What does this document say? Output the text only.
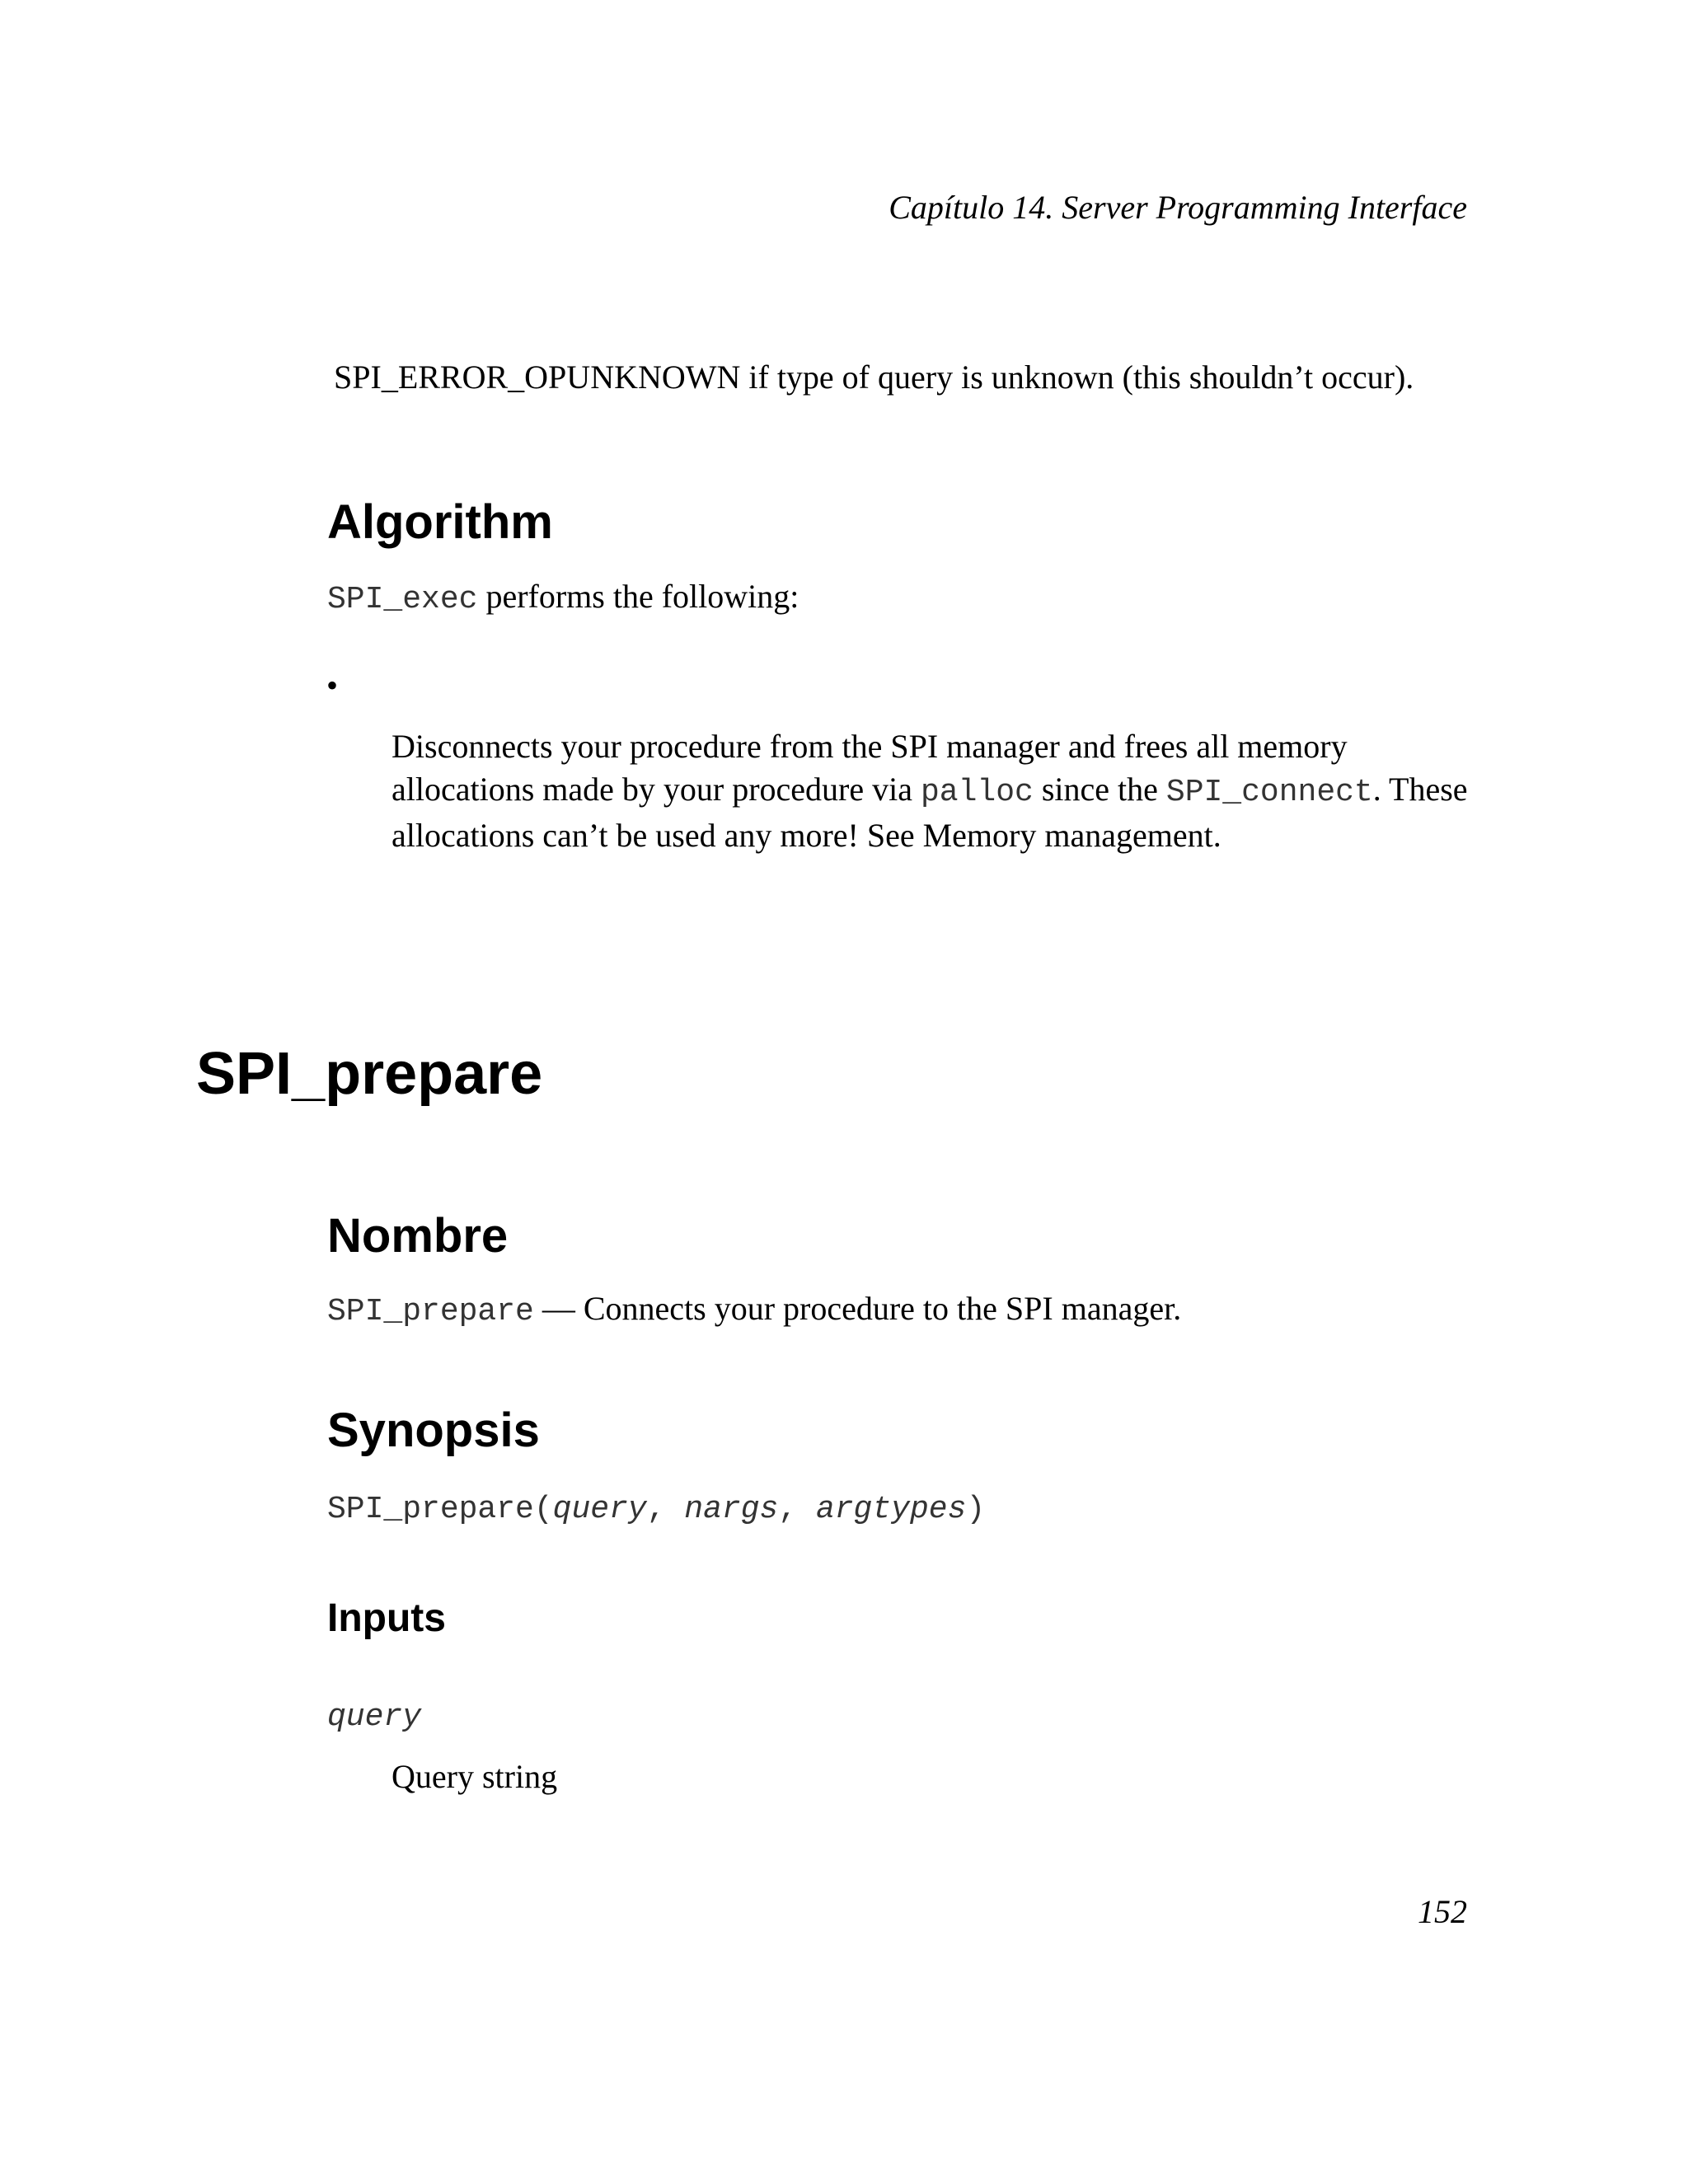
Capítulo 14. Server Programming Interface

SPI_ERROR_OPUNKNOWN if type of query is unknown (this shouldn’t occur).

Algorithm

SPI_exec performs the following:

•

Disconnects your procedure from the SPI manager and frees all memory allocations made by your procedure via palloc since the SPI_connect. These allocations can’t be used any more! See Memory management.

SPI_prepare
Nombre

SPI_prepare — Connects your procedure to the SPI manager.

Synopsis

SPI_prepare(query, nargs, argtypes)

Inputs
query

Query string

152
